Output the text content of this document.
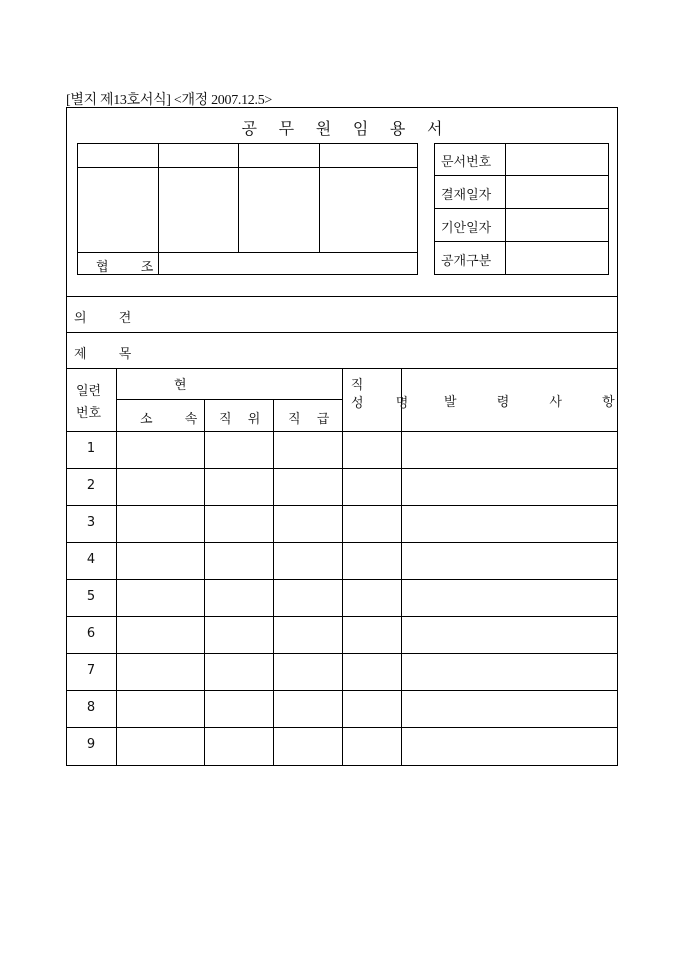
[별지 제13호서식] <개정 2007.12.5>
공 무 원 임 용 서
협 조
문서번호
결재일자
기안일자
공개구분
의 견
제 목
일련
번호
현 직
소 속 직 위 직 급
성 명 발 령 사 항
1
2
3
4
5
6
7
8
9
